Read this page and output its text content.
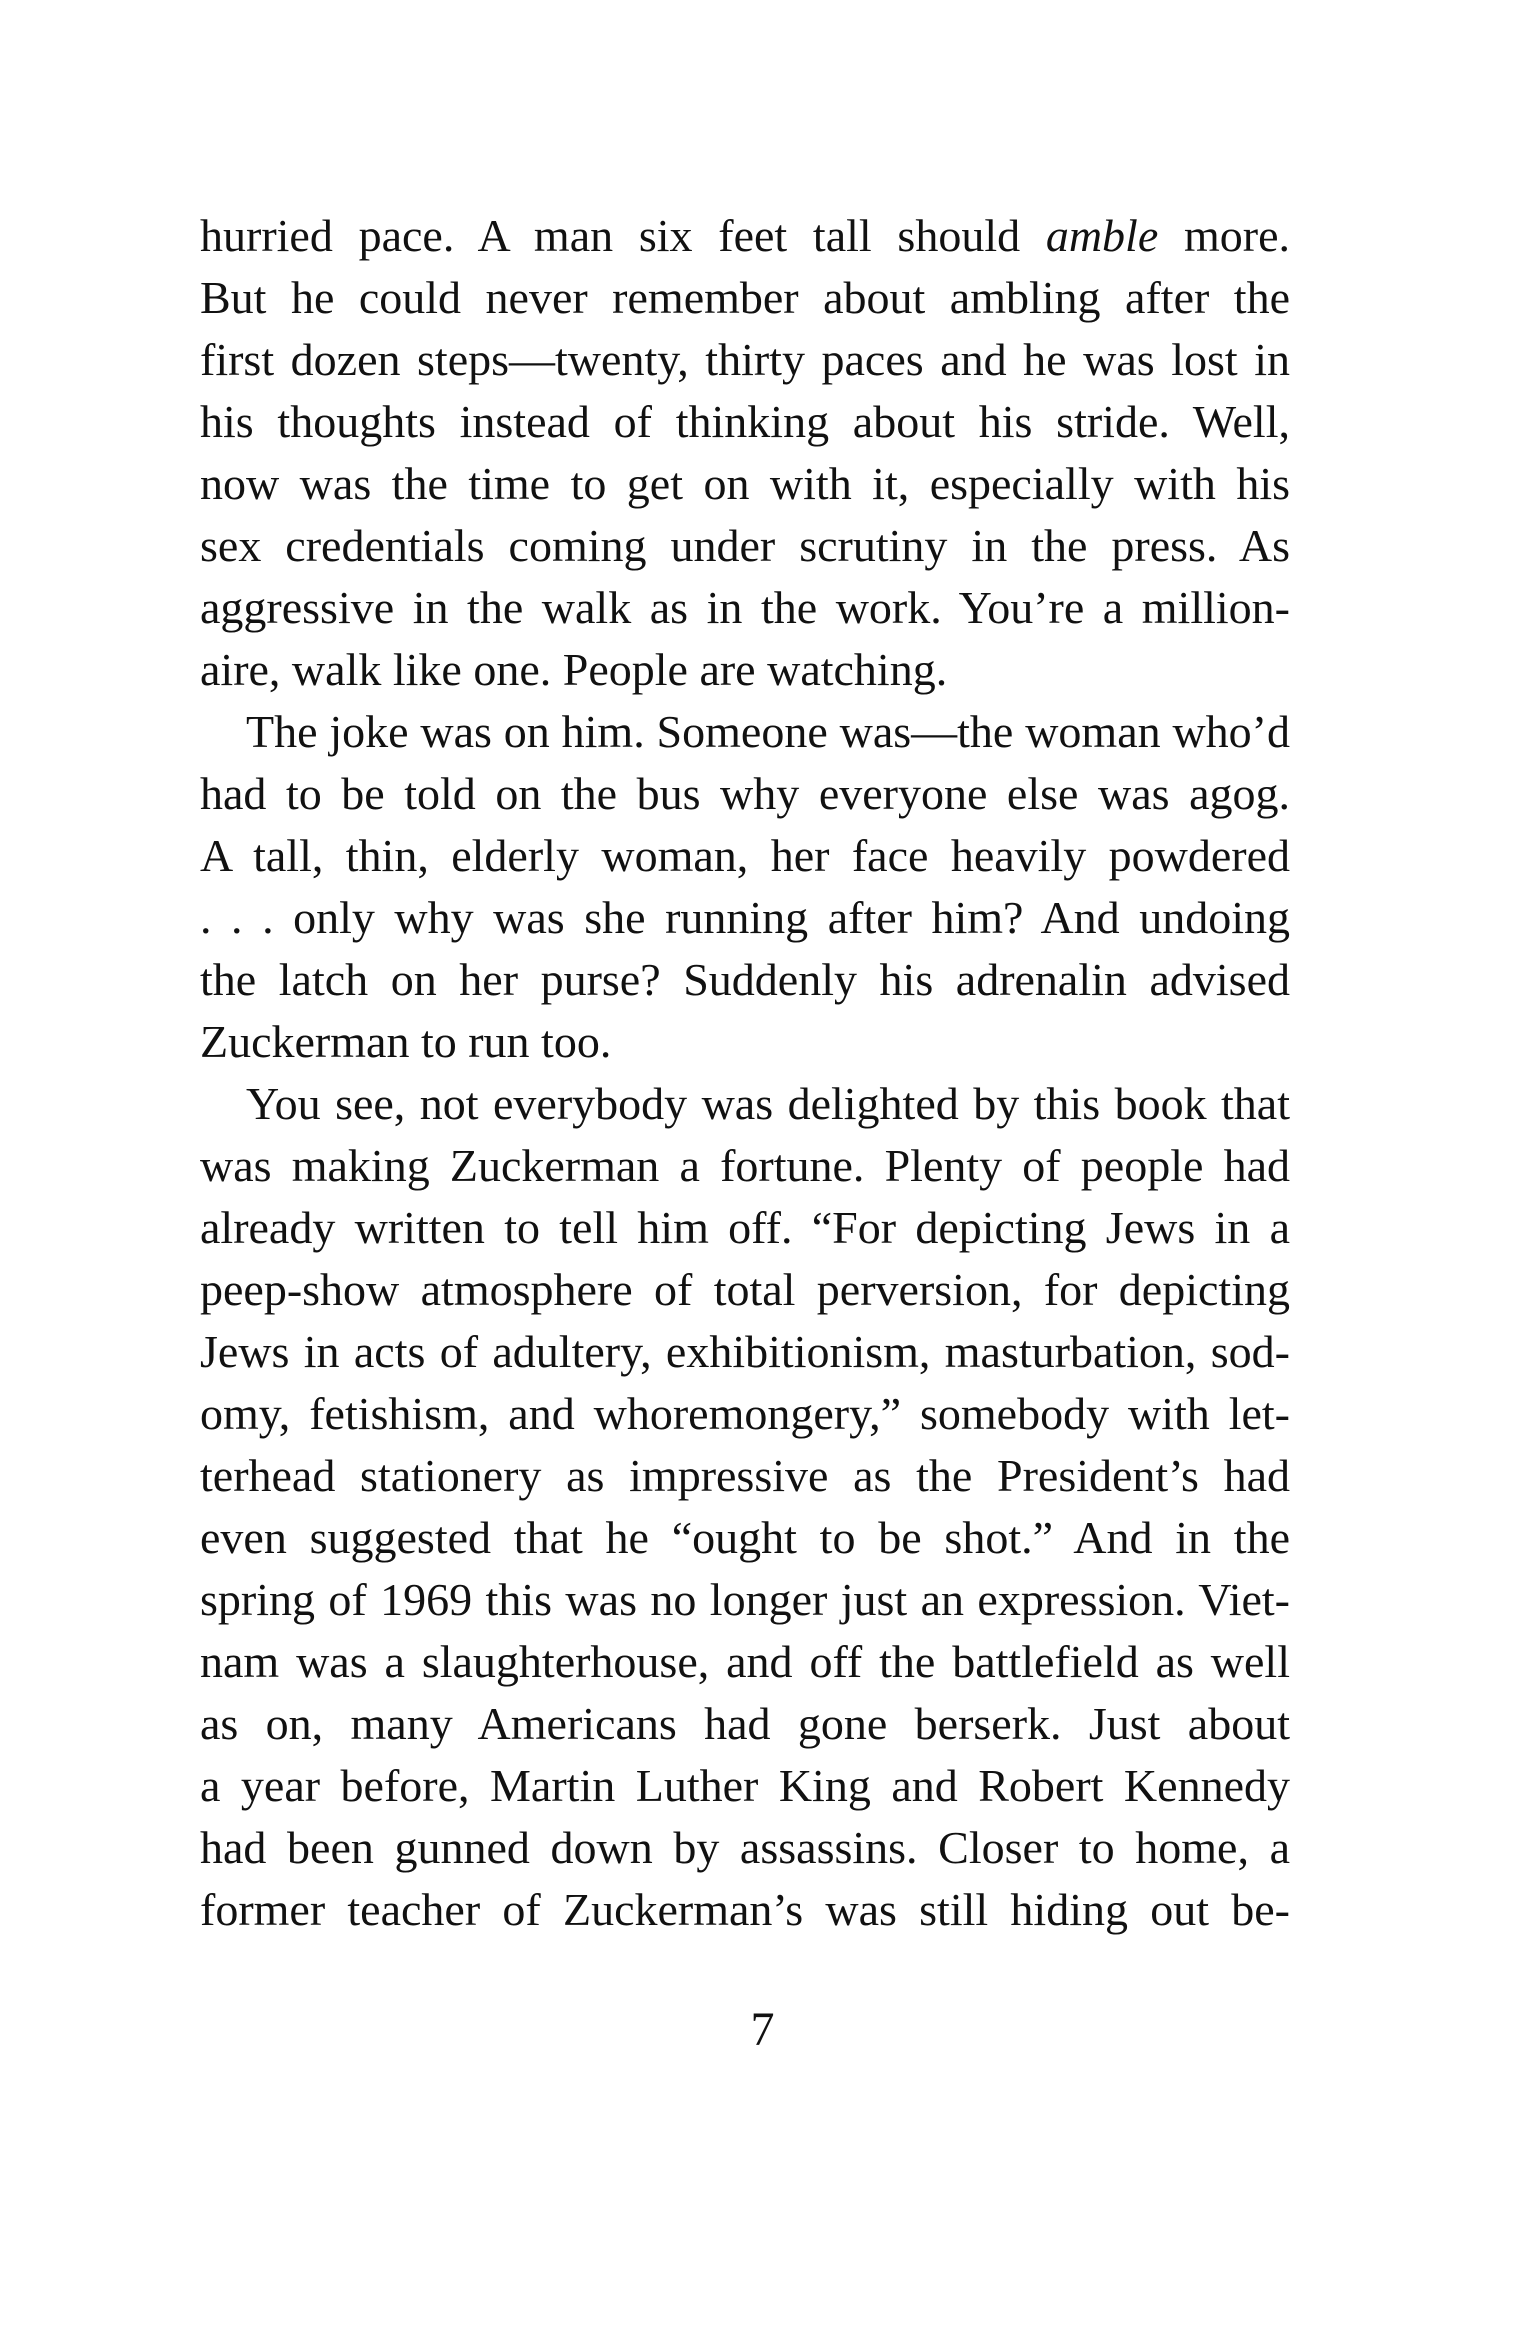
hurried pace. A man six feet tall should amble more.
But he could never remember about ambling after the
first dozen steps—twenty, thirty paces and he was lost in
his thoughts instead of thinking about his stride. Well,
now was the time to get on with it, especially with his
sex credentials coming under scrutiny in the press. As
aggressive in the walk as in the work. You’re a million-
aire, walk like one. People are watching.
The joke was on him. Someone was—the woman who’d
had to be told on the bus why everyone else was agog.
A tall, thin, elderly woman, her face heavily powdered
. . . only why was she running after him? And undoing
the latch on her purse? Suddenly his adrenalin advised
Zuckerman to run too.
You see, not everybody was delighted by this book that
was making Zuckerman a fortune. Plenty of people had
already written to tell him off. “For depicting Jews in a
peep-show atmosphere of total perversion, for depicting
Jews in acts of adultery, exhibitionism, masturbation, sod-
omy, fetishism, and whoremongery,” somebody with let-
terhead stationery as impressive as the President’s had
even suggested that he “ought to be shot.” And in the
spring of 1969 this was no longer just an expression. Viet-
nam was a slaughterhouse, and off the battlefield as well
as on, many Americans had gone berserk. Just about
a year before, Martin Luther King and Robert Kennedy
had been gunned down by assassins. Closer to home, a
former teacher of Zuckerman’s was still hiding out be-
7
